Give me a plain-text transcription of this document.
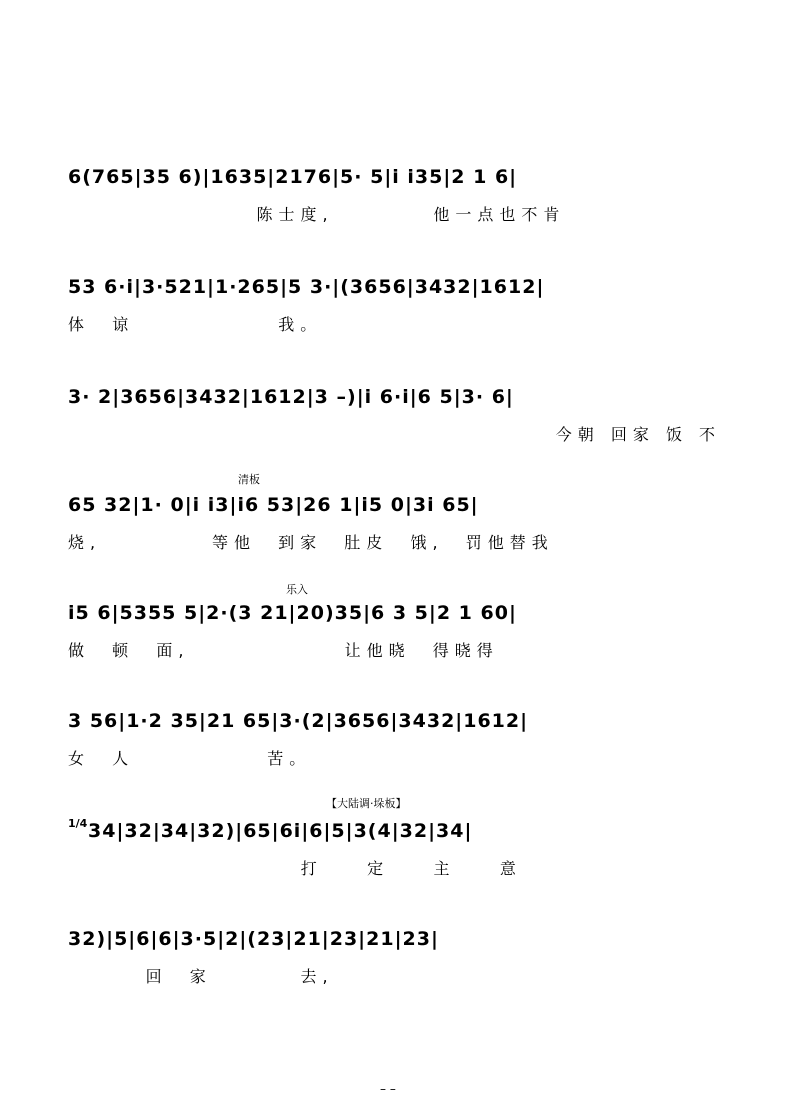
6(765|35 6)|1635|2176|5· 5|i i35|2 1 6|
陈士度,         他一点也不肯
53 6·i|3·521|1·265|5 3·|(3656|3432|1612|
体  谅             我。
3· 2|3656|3432|1612|3 –)|i 6·i|6 5|3· 6|
今朝 回家 饭 不
清板
65 32|1· 0|i i3|i6 53|26 1|i5 0|3i 65|
烧,          等他  到家  肚皮  饿,  罚他替我
乐入
i5 6|5355 5|2·(3 21|20)35|6 3 5|2 1 60|
做  顿  面,              让他晓  得晓得
3 56|1·2 35|21 65|3·(2|3656|3432|1612|
女  人            苦。
【大陆调·垛板】
1/4 34|32|34|32)|65|6i|6|5|3(4|32|34|
打    定    主    意
32)|5|6|6|3·5|2|(23|21|23|21|23|
回  家        去,
– –
